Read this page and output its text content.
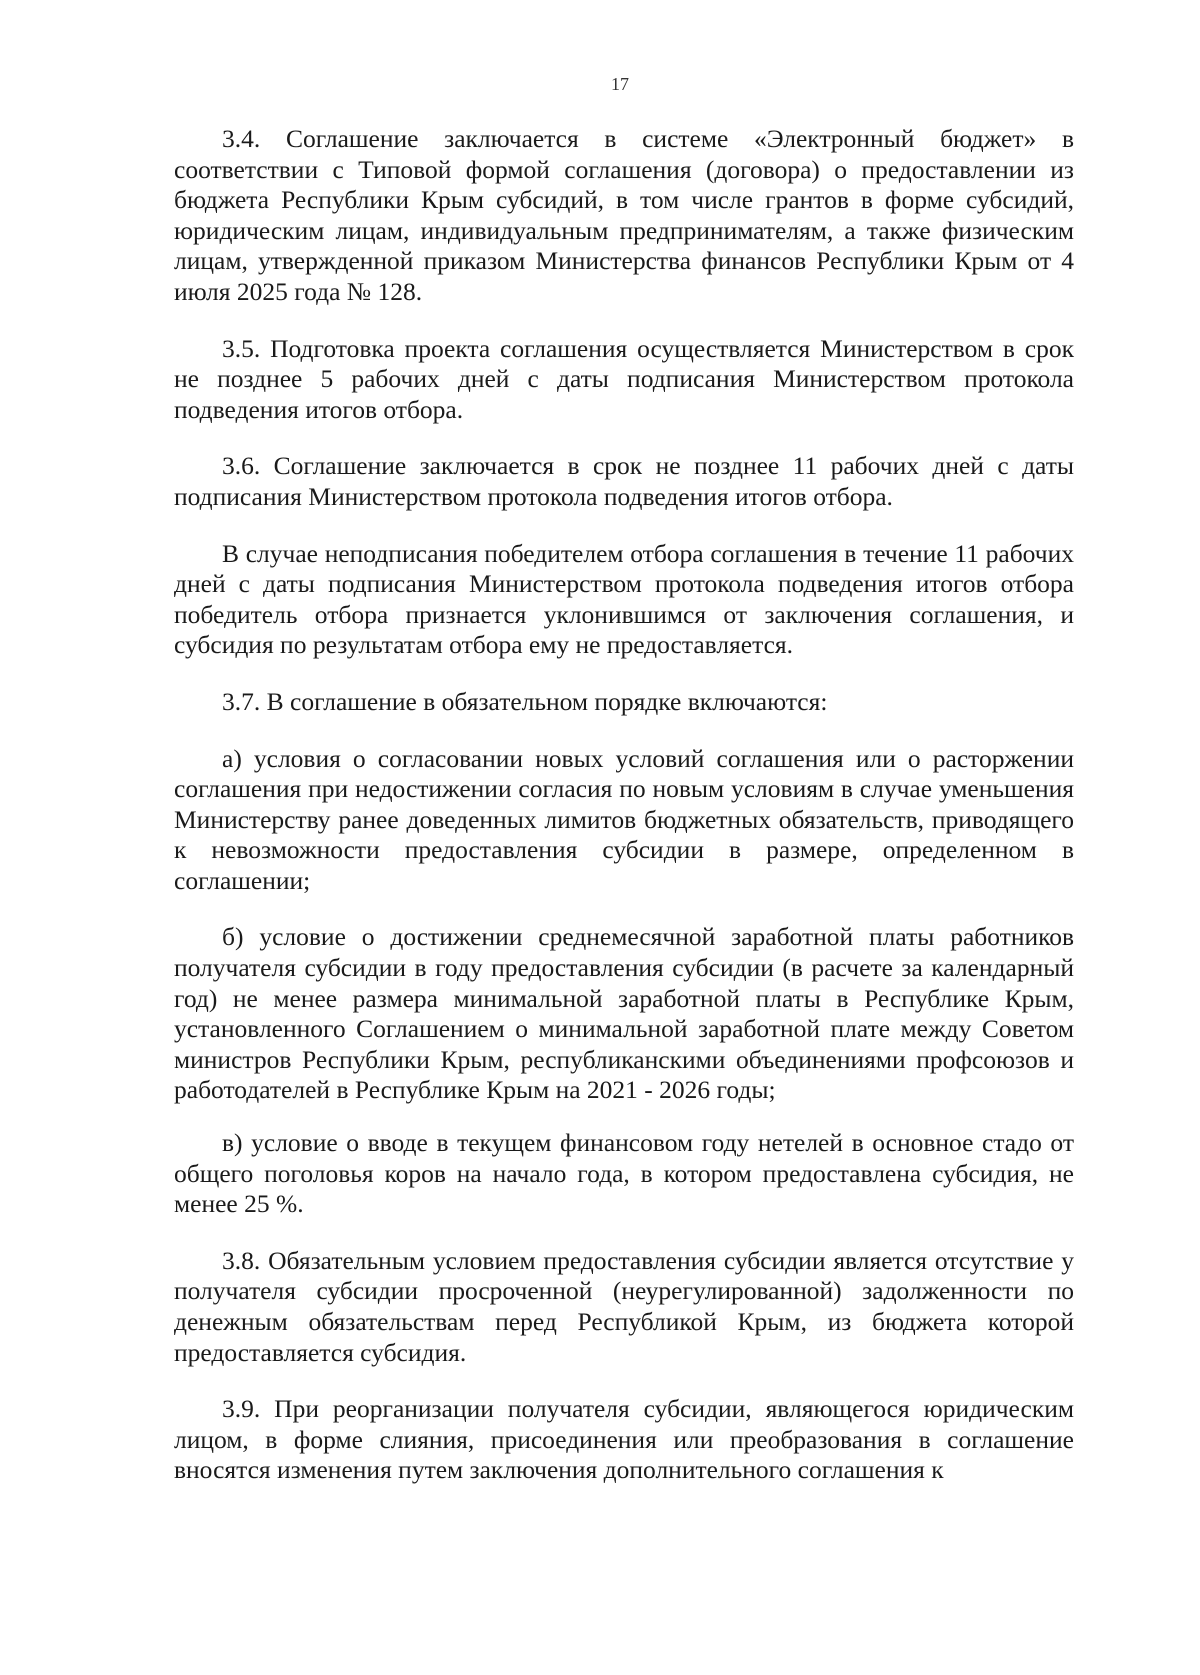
17

3.4. Соглашение заключается в системе «Электронный бюджет» в соответствии с Типовой формой соглашения (договора) о предоставлении из бюджета Республики Крым субсидий, в том числе грантов в форме субсидий, юридическим лицам, индивидуальным предпринимателям, а также физическим лицам, утвержденной приказом Министерства финансов Республики Крым от 4 июля 2025 года № 128.

3.5. Подготовка проекта соглашения осуществляется Министерством в срок не позднее 5 рабочих дней с даты подписания Министерством протокола подведения итогов отбора.

3.6. Соглашение заключается в срок не позднее 11 рабочих дней с даты подписания Министерством протокола подведения итогов отбора.

В случае неподписания победителем отбора соглашения в течение 11 рабочих дней с даты подписания Министерством протокола подведения итогов отбора победитель отбора признается уклонившимся от заключения соглашения, и субсидия по результатам отбора ему не предоставляется.

3.7. В соглашение в обязательном порядке включаются:

а) условия о согласовании новых условий соглашения или о расторжении соглашения при недостижении согласия по новым условиям в случае уменьшения Министерству ранее доведенных лимитов бюджетных обязательств, приводящего к невозможности предоставления субсидии в размере, определенном в соглашении;

б) условие о достижении среднемесячной заработной платы работников получателя субсидии в году предоставления субсидии (в расчете за календарный год) не менее размера минимальной заработной платы в Республике Крым, установленного Соглашением о минимальной заработной плате между Советом министров Республики Крым, республиканскими объединениями профсоюзов и работодателей в Республике Крым на 2021 - 2026 годы;

в) условие о вводе в текущем финансовом году нетелей в основное стадо от общего поголовья коров на начало года, в котором предоставлена субсидия, не менее 25 %.

3.8. Обязательным условием предоставления субсидии является отсутствие у получателя субсидии просроченной (неурегулированной) задолженности по денежным обязательствам перед Республикой Крым, из бюджета которой предоставляется субсидия.

3.9. При реорганизации получателя субсидии, являющегося юридическим лицом, в форме слияния, присоединения или преобразования в соглашение вносятся изменения путем заключения дополнительного соглашения к
